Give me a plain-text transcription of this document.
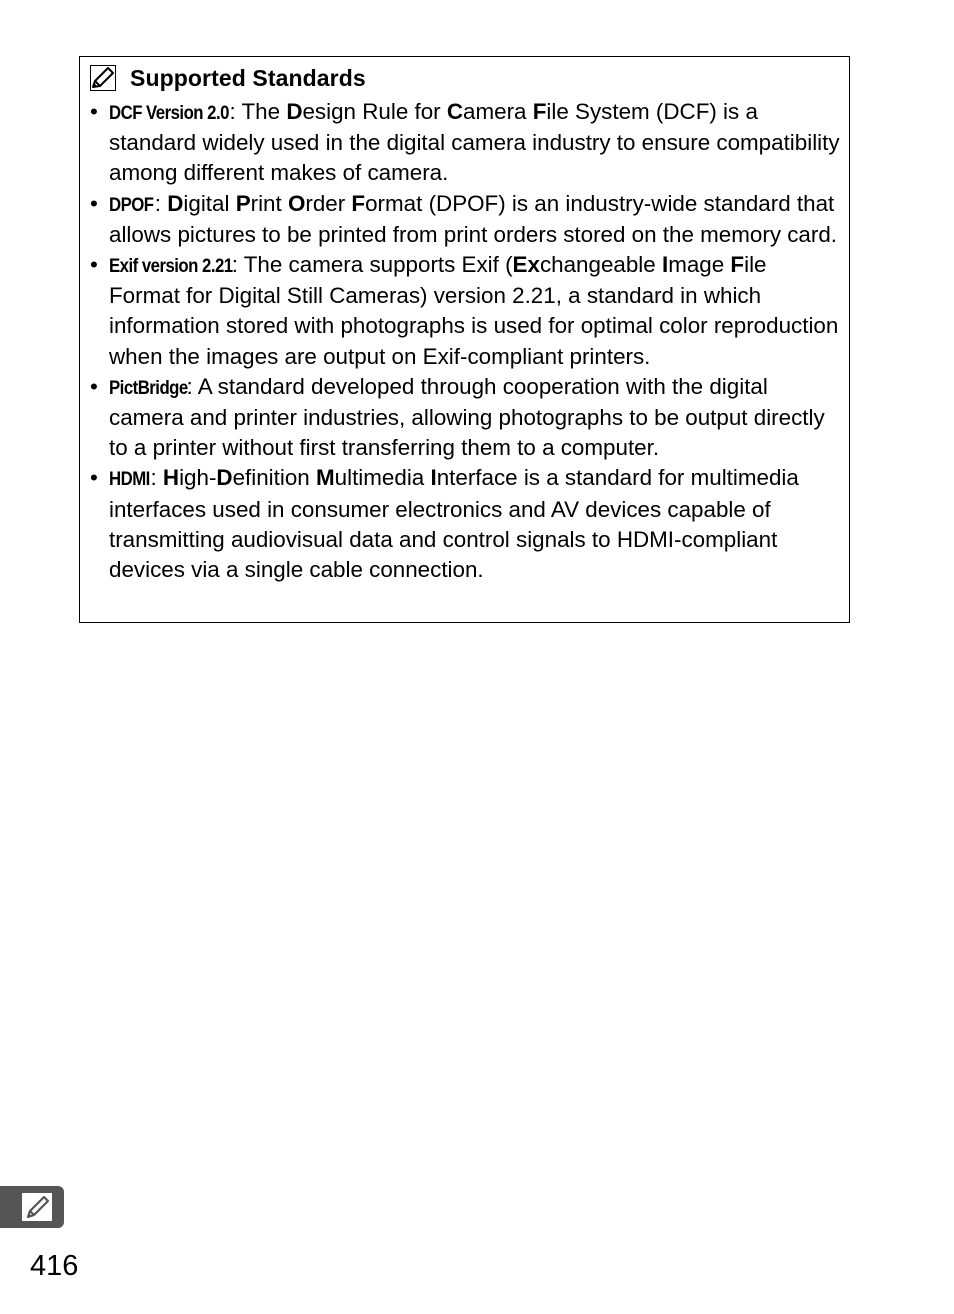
Supported Standards
• DCF Version 2.0: The Design Rule for Camera File System (DCF) is a standard widely used in the digital camera industry to ensure compatibility among different makes of camera.
• DPOF: Digital Print Order Format (DPOF) is an industry-wide standard that allows pictures to be printed from print orders stored on the memory card.
• Exif version 2.21: The camera supports Exif (Exchangeable Image File Format for Digital Still Cameras) version 2.21, a standard in which information stored with photographs is used for optimal color reproduction when the images are output on Exif-compliant printers.
• PictBridge: A standard developed through cooperation with the digital camera and printer industries, allowing photographs to be output directly to a printer without first transferring them to a computer.
• HDMI: High-Definition Multimedia Interface is a standard for multimedia interfaces used in consumer electronics and AV devices capable of transmitting audiovisual data and control signals to HDMI-compliant devices via a single cable connection.
416
